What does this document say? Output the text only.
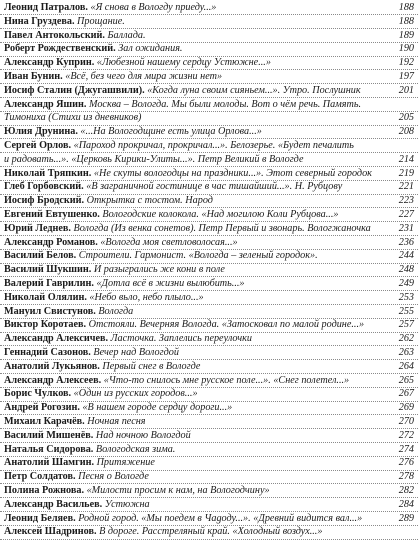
Леонид Патралов. «Я снова в Вологду приеду...»	188
Нина Груздева. Прощание.	188
Павел Антокольский. Баллада.	189
Роберт Рождественский. Зал ожидания.	190
Александр Куприн. «Любезной нашему сердцу Устюжне...»	192
Иван Бунин. «Всё, без чего для мира жизни нет»	197
Иосиф Сталин (Джугашвили). «Когда луна своим сияньем...». Утро. Послушник	201
Александр Яшин. Москва – Вологда. Мы были молоды. Вот о чём речь. Память.
Тимониха (Стихи из дневников)	205
Юлия Друнина. «...На Вологодщине есть улица Орлова...»	208
Сергей Орлов. «Пароход прокричал, прокричал...». Белозерье. «Будет печалить
и радовать...». «Церковь Кирики-Улиты...». Петр Великий в Вологде	214
Николай Тряпкин. «Не скуты вологодцы на праздники...». Этот северный городок	219
Глеб Горбовский. «В заграничной гостинице в час тишайший...». Н. Рубцову	221
Иосиф Бродский. Открытка с тостом. Народ	223
Евгений Евтушенко. Вологодские колокола. «Над могилою Коли Рубцова...»	227
Юрий Леднев. Вологда (Из венка сонетов). Петр Первый и звонарь. Вологжаночка	231
Александр Романов. «Вологда моя светловолосая...»	236
Василий Белов. Строители. Гармонист. «Вологда – зеленый городок».	244
Василий Шукшин. И разыгрались же кони в поле	248
Валерий Гаврилин. «Дотла всё в жизни вылюбить...»	249
Николай Олялин. «Небо вьло, небо плыло...»	253
Мануил Свистунов. Вологда	255
Виктор Коротаев. Отстояли. Вечерняя Вологда. «Затосковал по малой родине...»	257
Александр Алексичев. Ласточка. Заплелись переулочки	262
Геннадий Сазонов. Вечер над Вологдой	263
Анатолий Лукьянов. Первый снег в Вологде	264
Александр Алексеев. «Что-то снилось мне русское поле...». «Снег полетел...»	265
Борис Чулков. «Один из русских городов...»	267
Андрей Рогозин. «В нашем городе сердцу дороги...»	269
Михаил Карачёв. Ночная песня	270
Василий Мишенёв. Над ночною Вологдой	272
Наталья Сидорова. Вологодская зима.	274
Анатолий Шамгин. Притяжение	276
Петр Солдатов. Песня о Вологде	278
Полина Рожнова. «Милости просим к нам, на Вологодчину»	282
Александр Васильев. Устюжна	284
Леонид Беляев. Родной город. «Мы поедем в Чаgоду...». «Древний видится вал...»	289
Алексей Шадринов. В дороге. Расстреляный край. «Холодный воздух...»
